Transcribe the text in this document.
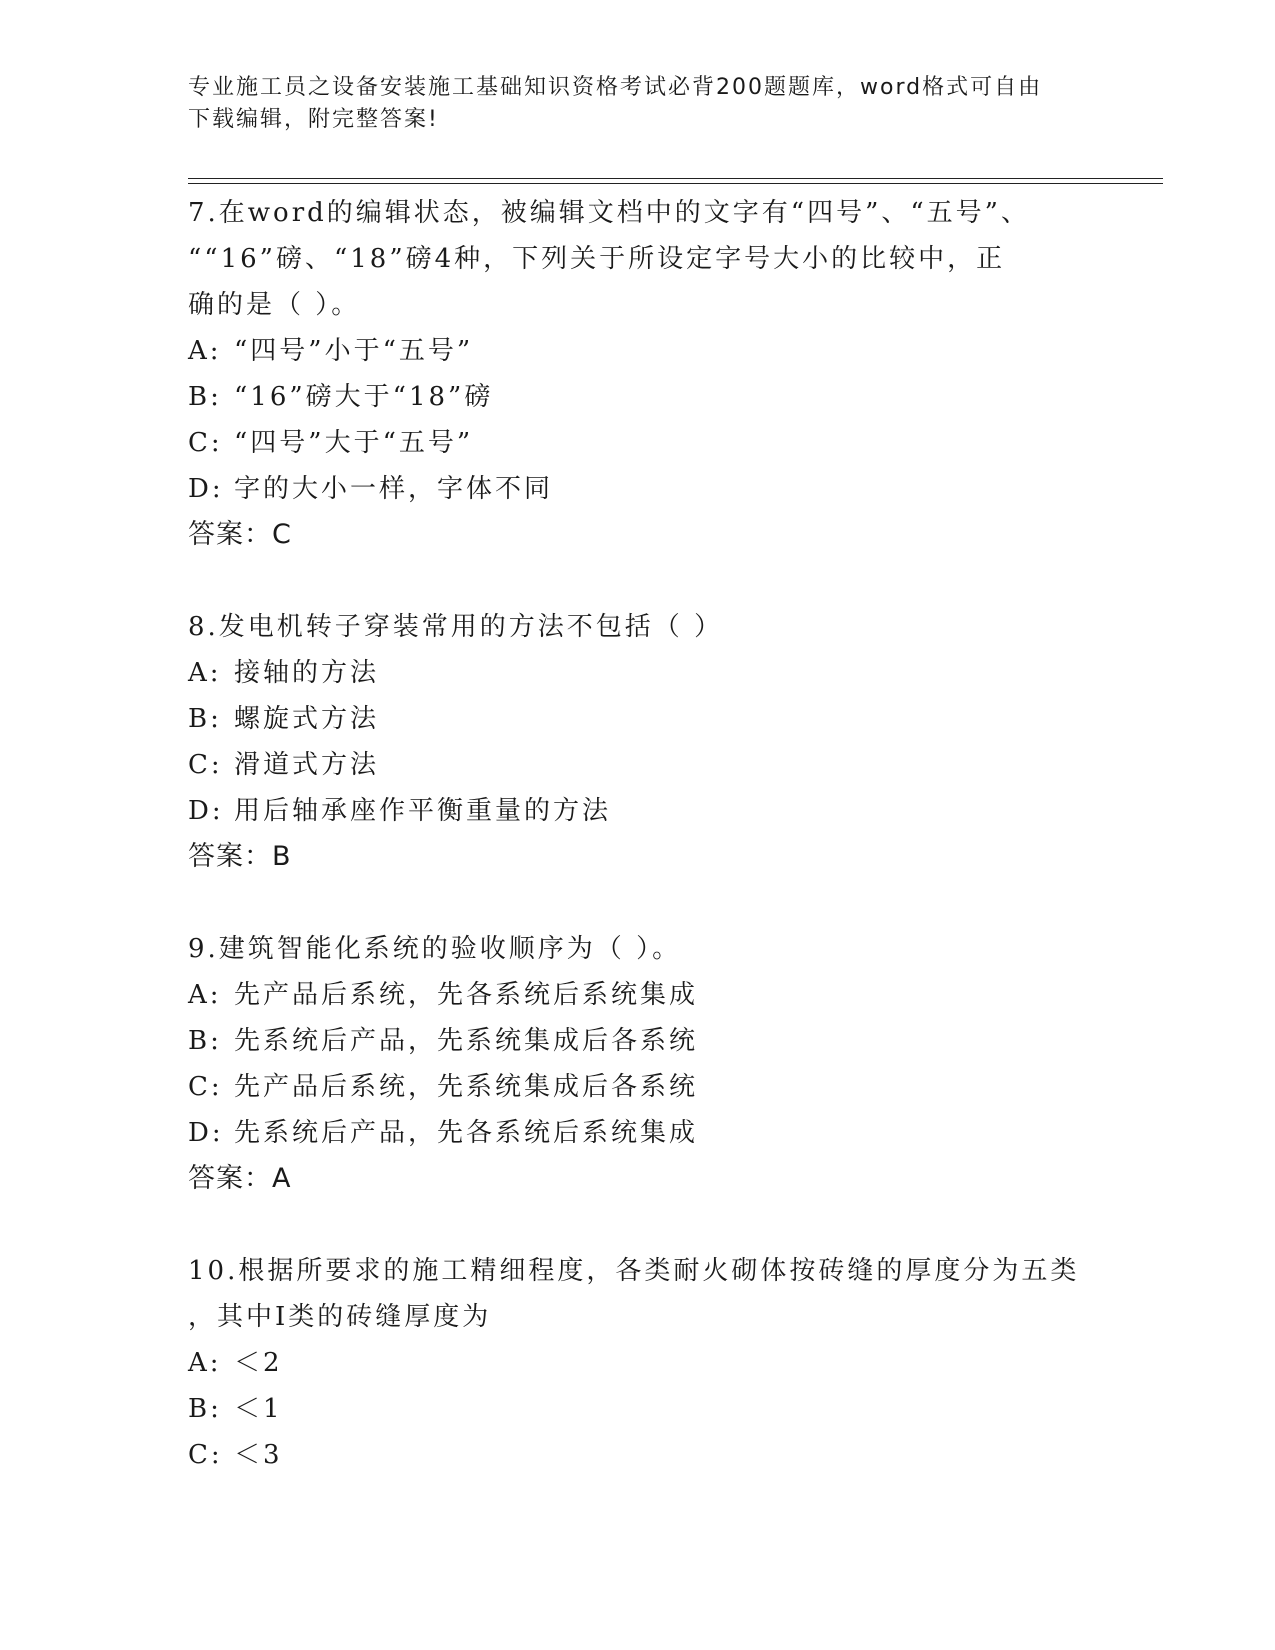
专业施工员之设备安装施工基础知识资格考试必背200题题库，word格式可自由
下载编辑，附完整答案!
7.在word的编辑状态，被编辑文档中的文字有“四号”、“五号”、
““16”磅、“18”磅4种，下列关于所设定字号大小的比较中，正
确的是（ ）。
A: “四号”小于“五号”
B: “16”磅大于“18”磅
C: “四号”大于“五号”
D: 字的大小一样，字体不同
答案：C
8.发电机转子穿装常用的方法不包括（ ）
A: 接轴的方法
B: 螺旋式方法
C: 滑道式方法
D: 用后轴承座作平衡重量的方法
答案：B
9.建筑智能化系统的验收顺序为（ ）。
A: 先产品后系统，先各系统后系统集成
B: 先系统后产品，先系统集成后各系统
C: 先产品后系统，先系统集成后各系统
D: 先系统后产品，先各系统后系统集成
答案：A
10.根据所要求的施工精细程度，各类耐火砌体按砖缝的厚度分为五类
，其中Ⅰ类的砖缝厚度为
A: ＜2
B: ＜1
C: ＜3
